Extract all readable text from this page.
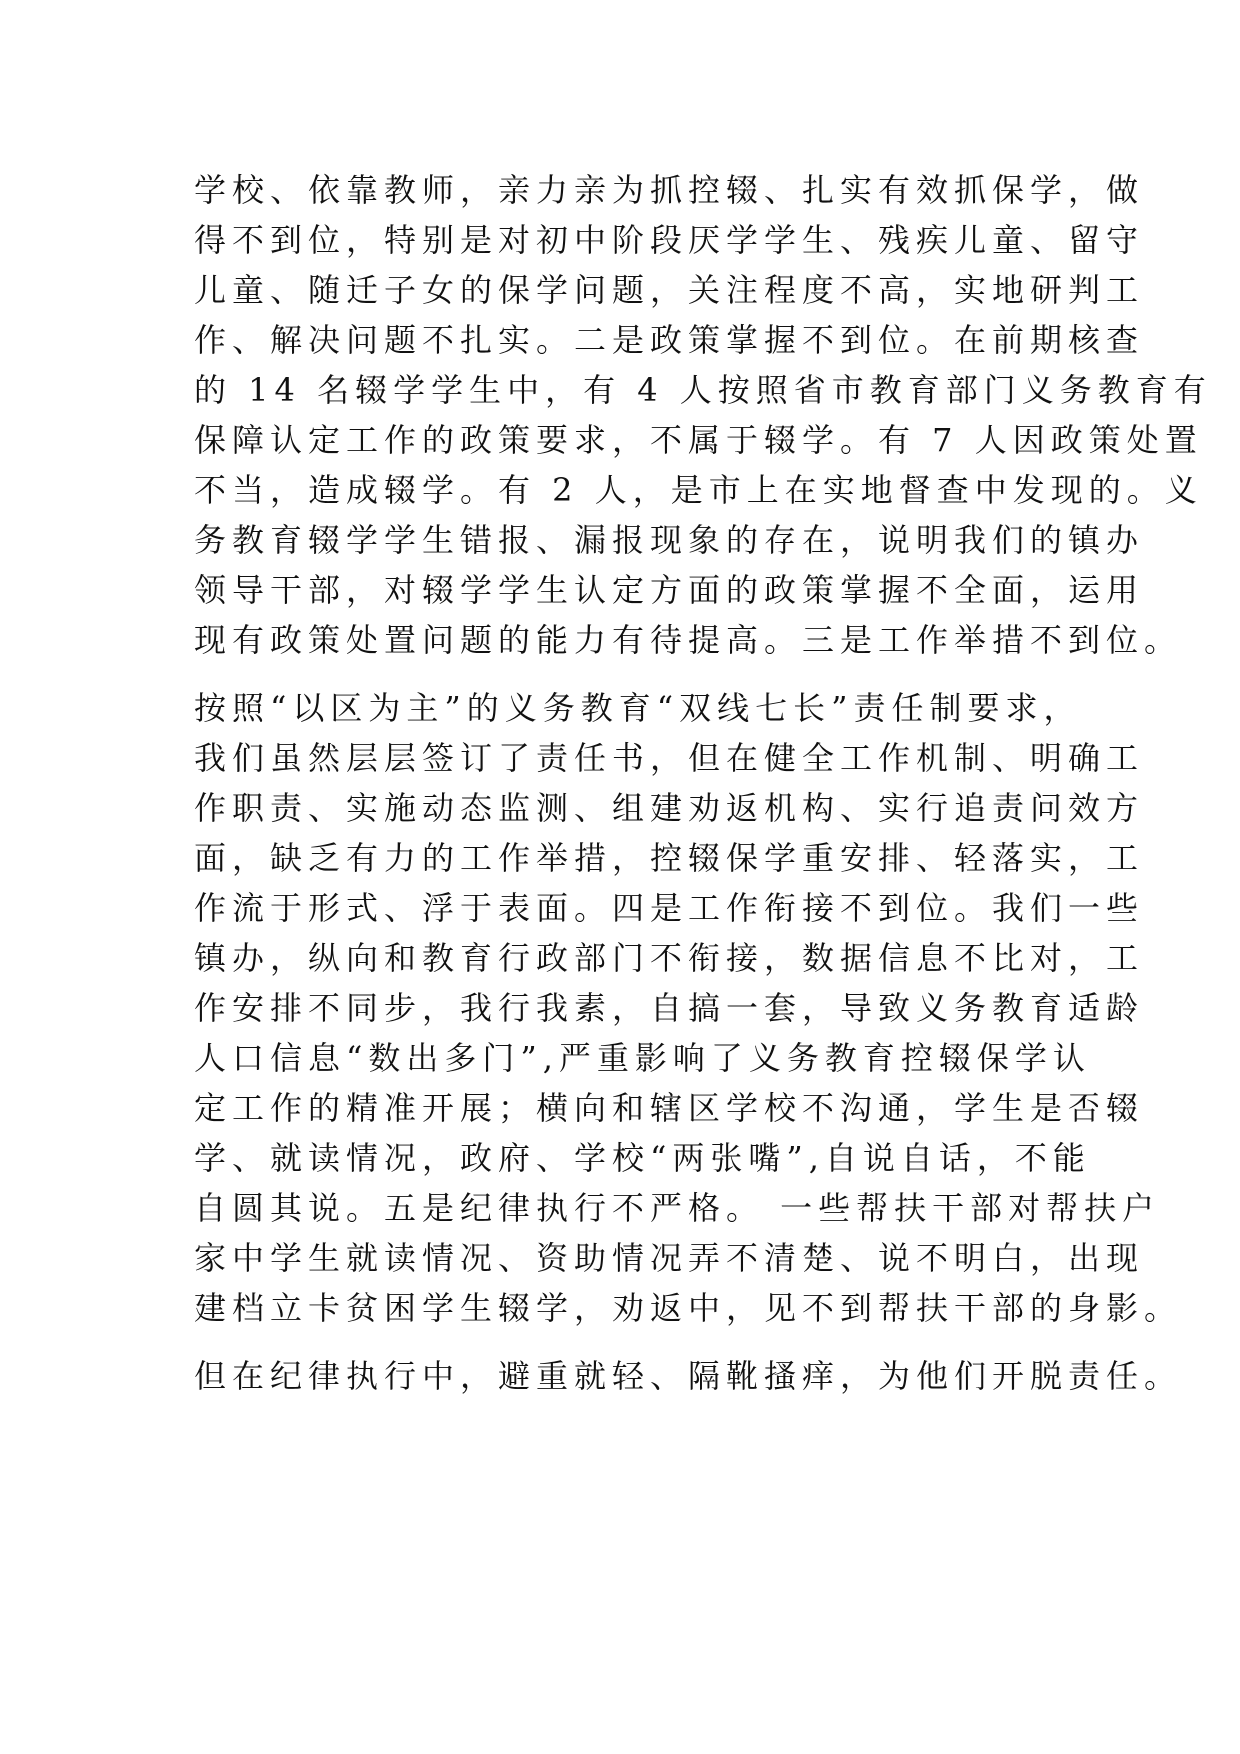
学校、依靠教师，亲力亲为抓控辍、扎实有效抓保学，做
得不到位，特别是对初中阶段厌学学生、残疾儿童、留守
儿童、随迁子女的保学问题，关注程度不高，实地研判工
作、解决问题不扎实。二是政策掌握不到位。在前期核查
的 14 名辍学学生中，有 4 人按照省市教育部门义务教育有
保障认定工作的政策要求，不属于辍学。有 7 人因政策处置
不当，造成辍学。有 2 人，是市上在实地督查中发现的。义
务教育辍学学生错报、漏报现象的存在，说明我们的镇办
领导干部，对辍学学生认定方面的政策掌握不全面，运用
现有政策处置问题的能力有待提高。三是工作举措不到位。
按照“以区为主”的义务教育“双线七长”责任制要求，
我们虽然层层签订了责任书，但在健全工作机制、明确工
作职责、实施动态监测、组建劝返机构、实行追责问效方
面，缺乏有力的工作举措，控辍保学重安排、轻落实，工
作流于形式、浮于表面。四是工作衔接不到位。我们一些
镇办，纵向和教育行政部门不衔接，数据信息不比对，工
作安排不同步，我行我素，自搞一套，导致义务教育适龄
人口信息“数出多门”,严重影响了义务教育控辍保学认
定工作的精准开展；横向和辖区学校不沟通，学生是否辍
学、就读情况，政府、学校“两张嘴”,自说自话，不能
自圆其说。五是纪律执行不严格。 一些帮扶干部对帮扶户
家中学生就读情况、资助情况弄不清楚、说不明白，出现
建档立卡贫困学生辍学，劝返中，见不到帮扶干部的身影。
但在纪律执行中，避重就轻、隔靴搔痒，为他们开脱责任。
